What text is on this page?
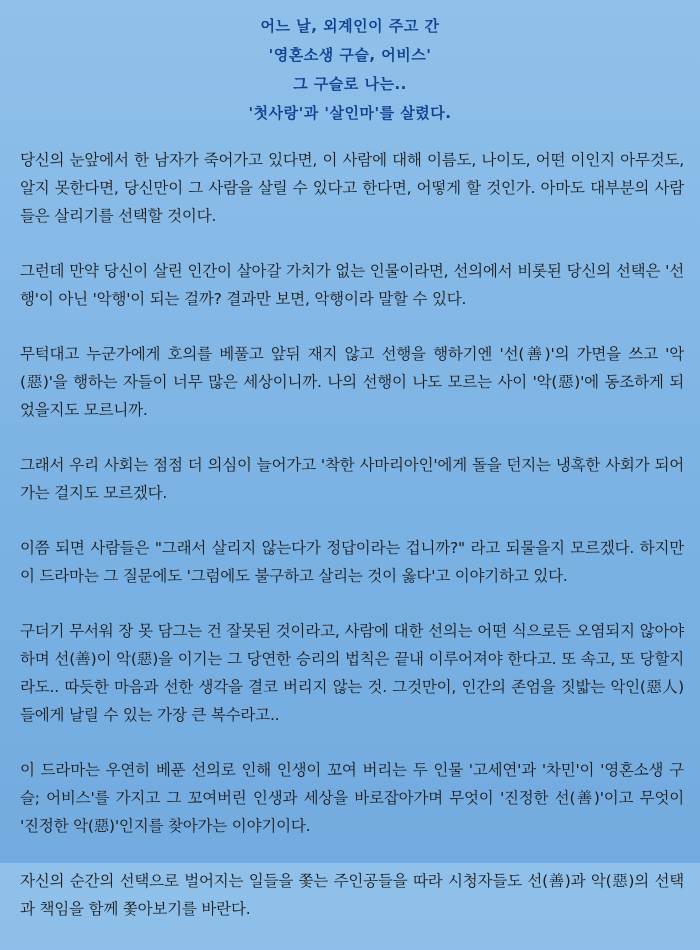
어느 날, 외계인이 주고 간
'영혼소생 구슬, 어비스'
그 구슬로 나는..
'첫사랑'과 '살인마'를 살렸다.

당신의 눈앞에서 한 남자가 죽어가고 있다면, 이 사람에 대해 이름도, 나이도, 어떤 이인지 아무것도, 알지 못한다면, 당신만이 그 사람을 살릴 수 있다고 한다면, 어떻게 할 것인가. 아마도 대부분의 사람들은 살리기를 선택할 것이다.

그런데 만약 당신이 살린 인간이 살아갈 가치가 없는 인물이라면, 선의에서 비롯된 당신의 선택은 '선행'이 아닌 '악행'이 되는 걸까? 결과만 보면, 악행이라 말할 수 있다.

무턱대고 누군가에게 호의를 베풀고 앞뒤 재지 않고 선행을 행하기엔 '선(善)'의 가면을 쓰고 '악(惡)'을 행하는 자들이 너무 많은 세상이니까. 나의 선행이 나도 모르는 사이 '악(惡)'에 동조하게 되었을지도 모르니까.

그래서 우리 사회는 점점 더 의심이 늘어가고 '착한 사마리아인'에게 돌을 던지는 냉혹한 사회가 되어가는 걸지도 모르겠다.

이쯤 되면 사람들은 "그래서 살리지 않는다가 정답이라는 겁니까?" 라고 되물을지 모르겠다. 하지만 이 드라마는 그 질문에도 '그럼에도 불구하고 살리는 것이 옳다'고 이야기하고 있다.

구더기 무서워 장 못 담그는 건 잘못된 것이라고, 사람에 대한 선의는 어떤 식으로든 오염되지 않아야 하며 선(善)이 악(惡)을 이기는 그 당연한 승리의 법칙은 끝내 이루어져야 한다고. 또 속고, 또 당할지라도.. 따듯한 마음과 선한 생각을 결코 버리지 않는 것. 그것만이, 인간의 존엄을 짓밟는 악인(惡人)들에게 날릴 수 있는 가장 큰 복수라고..

이 드라마는 우연히 베푼 선의로 인해 인생이 꼬여 버리는 두 인물 '고세연'과 '차민'이 '영혼소생 구슬; 어비스'를 가지고 그 꼬여버린 인생과 세상을 바로잡아가며 무엇이 '진정한 선(善)'이고 무엇이 '진정한 악(惡)'인지를 찾아가는 이야기이다.

자신의 순간의 선택으로 벌어지는 일들을 쫓는 주인공들을 따라 시청자들도 선(善)과 악(惡)의 선택과 책임을 함께 쫓아보기를 바란다.
